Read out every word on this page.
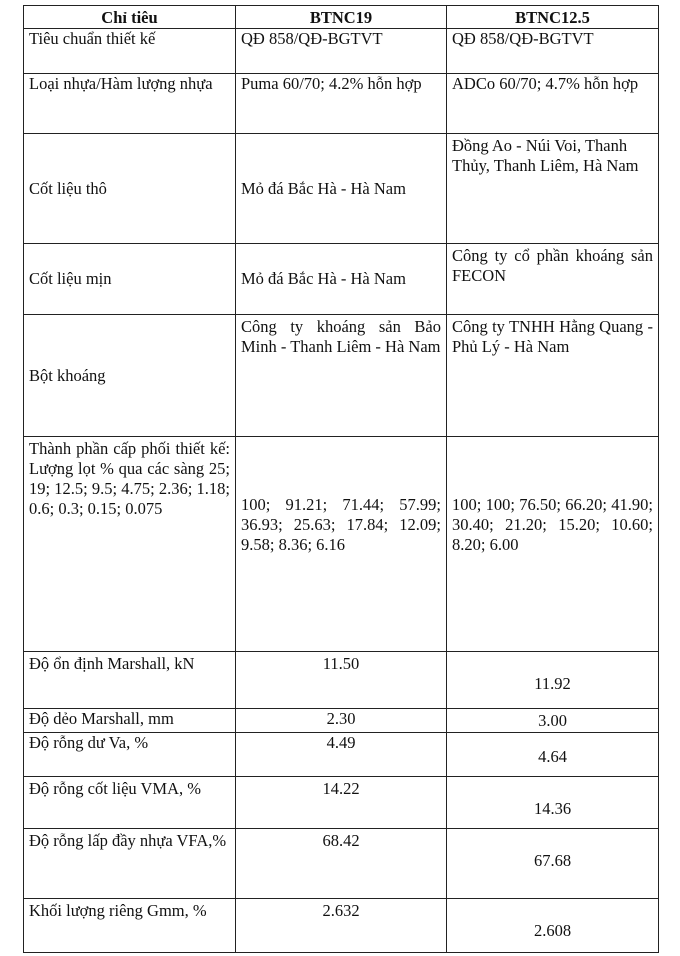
Chỉ tiêu	BTNC19	BTNC12.5
Tiêu chuẩn thiết kế	QĐ 858/QĐ-BGTVT	QĐ 858/QĐ-BGTVT
Loại nhựa/Hàm lượng nhựa	Puma 60/70; 4.2% hỗn hợp	ADCo 60/70; 4.7% hỗn hợp
Cốt liệu thô	Mỏ đá Bắc Hà - Hà Nam	Đồng Ao - Núi Voi, Thanh Thủy, Thanh Liêm, Hà Nam

Cốt liệu mịn	Mỏ đá Bắc Hà - Hà Nam	Công ty cổ phần khoáng sản FECON

Bột khoáng	Công ty khoáng sản Bảo Minh - Thanh Liêm - Hà Nam	Công ty TNHH Hằng Quang - Phủ Lý - Hà Nam

Thành phần cấp phối thiết kế: Lượng lọt % qua các sàng 25; 19; 12.5; 9.5; 4.75; 2.36; 1.18; 0.6; 0.3; 0.15; 0.075	100; 91.21; 71.44; 57.99; 36.93; 25.63; 17.84; 12.09; 9.58; 8.36; 6.16	100; 100; 76.50; 66.20; 41.90; 30.40; 21.20; 15.20; 10.60; 8.20; 6.00

Độ ổn định Marshall, kN	11.50	11.92

Độ dẻo Marshall, mm	2.30	3.00

Độ rỗng dư Va, %	4.49	4.64

Độ rỗng cốt liệu VMA, %	14.22	14.36

Độ rỗng lấp đầy nhựa VFA,%	68.42	67.68

Khối lượng riêng Gmm, %	2.632	2.608
